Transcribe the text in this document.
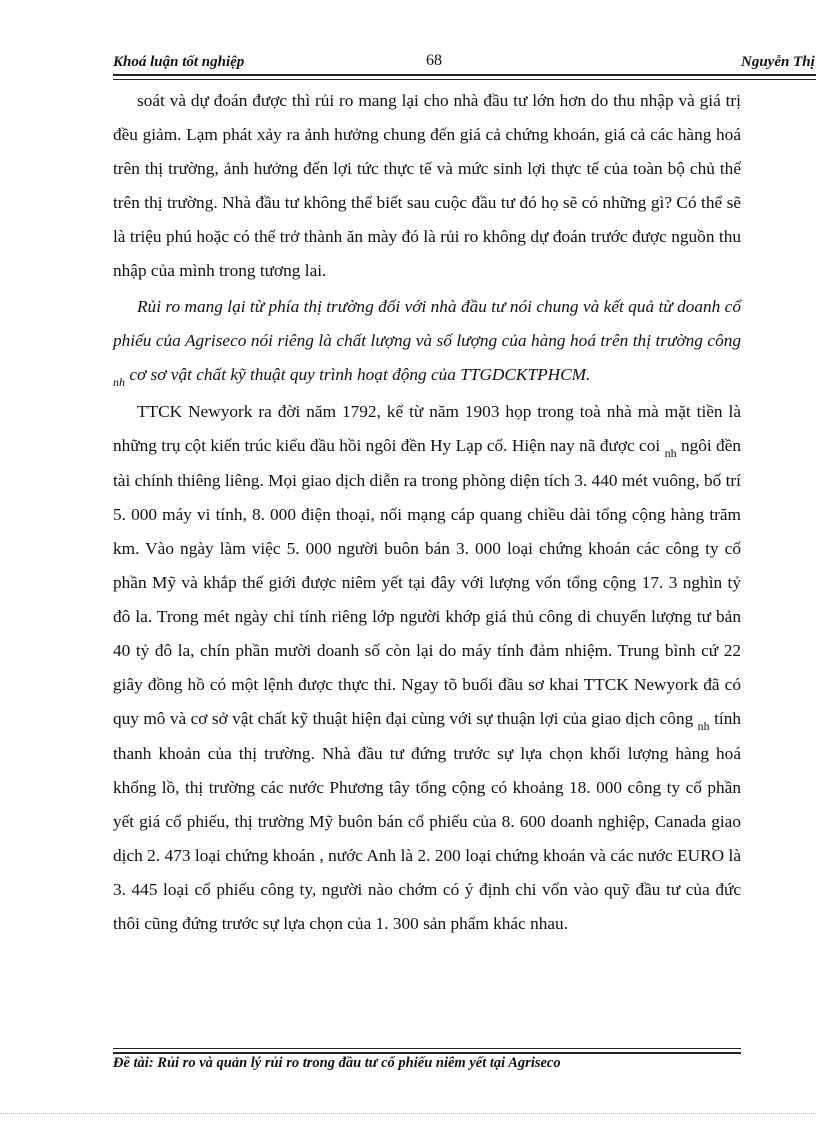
Khoá luận tốt nghiệp	68	Nguyễn Thị

soát và dự đoán được thì rủi ro mang lại cho nhà đầu tư lớn hơn do thu nhập và giá trị đều giảm. Lạm phát xảy ra ảnh hưởng chung đến giá cả chứng khoán, giá cả các hàng hoá trên thị trường, ảnh hưởng đến lợi tức thực tế và mức sinh lợi thực tế của toàn bộ chủ thể trên thị trường. Nhà đầu tư không thể biết sau cuộc đầu tư đó họ sẽ có những gì? Có thể sẽ là triệu phú hoặc có thể trở thành ăn mày đó là rủi ro không dự đoán trước được nguồn thu nhập của mình trong tương lai.

Rủi ro mang lại từ phía thị trường đối với nhà đầu tư nói chung và kết quả từ doanh cổ phiếu của Agriseco nói riêng là chất lượng và số lượng của hàng hoá trên thị trường công $_{nh}$ cơ sơ vật chất kỹ thuật quy trình hoạt động của TTGDCKTPHCM.

TTCK Newyork ra đời năm 1792, kể từ năm 1903 họp trong toà nhà mà mặt tiền là những trụ cột kiến trúc kiểu đầu hồi ngôi đền Hy Lạp cổ. Hiện nay nã được coi $_{nh}$ ngôi đền tài chính thiêng liêng. Mọi giao dịch diễn ra trong phòng diện tích 3. 440 mét vuông, bố trí 5. 000 máy vi tính, 8. 000 điện thoại, nối mạng cáp quang chiều dài tổng cộng hàng trăm km. Vào ngày làm việc 5. 000 người buôn bán 3. 000 loại chứng khoán các công ty cổ phần Mỹ và khắp thế giới được niêm yết tại đây với lượng vốn tổng cộng 17. 3 nghìn tỷ đô la. Trong mét ngày chỉ tính riêng lớp người khớp giá thủ công di chuyển lượng tư bản 40 tỷ đô la, chín phần mười doanh số còn lại do máy tính đảm nhiệm. Trung bình cứ 22 giây đồng hồ có một lệnh được thực thi. Ngay tõ buổi đầu sơ khai TTCK Newyork đã có quy mô và cơ sở vật chất kỹ thuật hiện đại cùng với sự thuận lợi của giao dịch công $_{nh}$ tính thanh khoản của thị trường. Nhà đầu tư đứng trước sự lựa chọn khối lượng hàng hoá khổng lồ, thị trường các nước Phương tây tổng cộng có khoảng 18. 000 công ty cổ phần yết giá cổ phiếu, thị trường Mỹ buôn bán cổ phiếu của 8. 600 doanh nghiệp, Canada giao dịch 2. 473 loại chứng khoán , nước Anh là 2. 200 loại chứng khoán và các nước EURO là 3. 445 loại cổ phiếu công ty, người nào chớm có ý định chi vốn vào quỹ đầu tư của đức thôi cũng đứng trước sự lựa chọn của 1. 300 sản phẩm khác nhau.

Đề tài: Rủi ro và quản lý rủi ro trong đầu tư cổ phiếu niêm yết tại Agriseco
